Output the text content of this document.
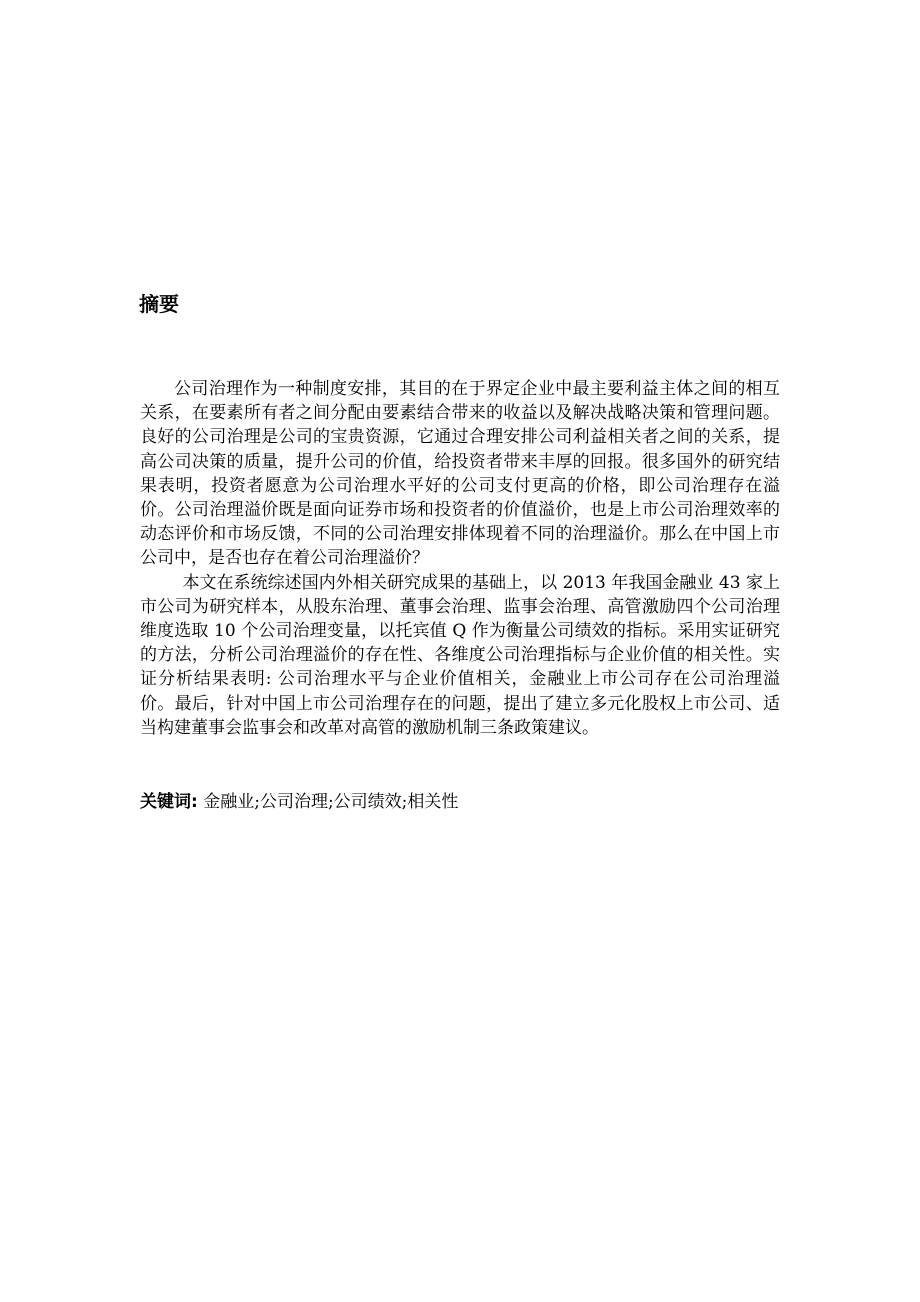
摘要

公司治理作为一种制度安排，其目的在于界定企业中最主要利益主体之间的相互关系，在要素所有者之间分配由要素结合带来的收益以及解决战略决策和管理问题。良好的公司治理是公司的宝贵资源，它通过合理安排公司利益相关者之间的关系，提高公司决策的质量，提升公司的价值，给投资者带来丰厚的回报。很多国外的研究结果表明，投资者愿意为公司治理水平好的公司支付更高的价格，即公司治理存在溢价。公司治理溢价既是面向证券市场和投资者的价值溢价，也是上市公司治理效率的动态评价和市场反馈，不同的公司治理安排体现着不同的治理溢价。那么在中国上市公司中，是否也存在着公司治理溢价？

本文在系统综述国内外相关研究成果的基础上，以 2013 年我国金融业 43 家上市公司为研究样本，从股东治理、董事会治理、监事会治理、高管激励四个公司治理维度选取 10 个公司治理变量，以托宾值 Q 作为衡量公司绩效的指标。采用实证研究的方法，分析公司治理溢价的存在性、各维度公司治理指标与企业价值的相关性。实证分析结果表明: 公司治理水平与企业价值相关，金融业上市公司存在公司治理溢价。最后，针对中国上市公司治理存在的问题，提出了建立多元化股权上市公司、适当构建董事会监事会和改革对高管的激励机制三条政策建议。

关键词: 金融业;公司治理;公司绩效;相关性
